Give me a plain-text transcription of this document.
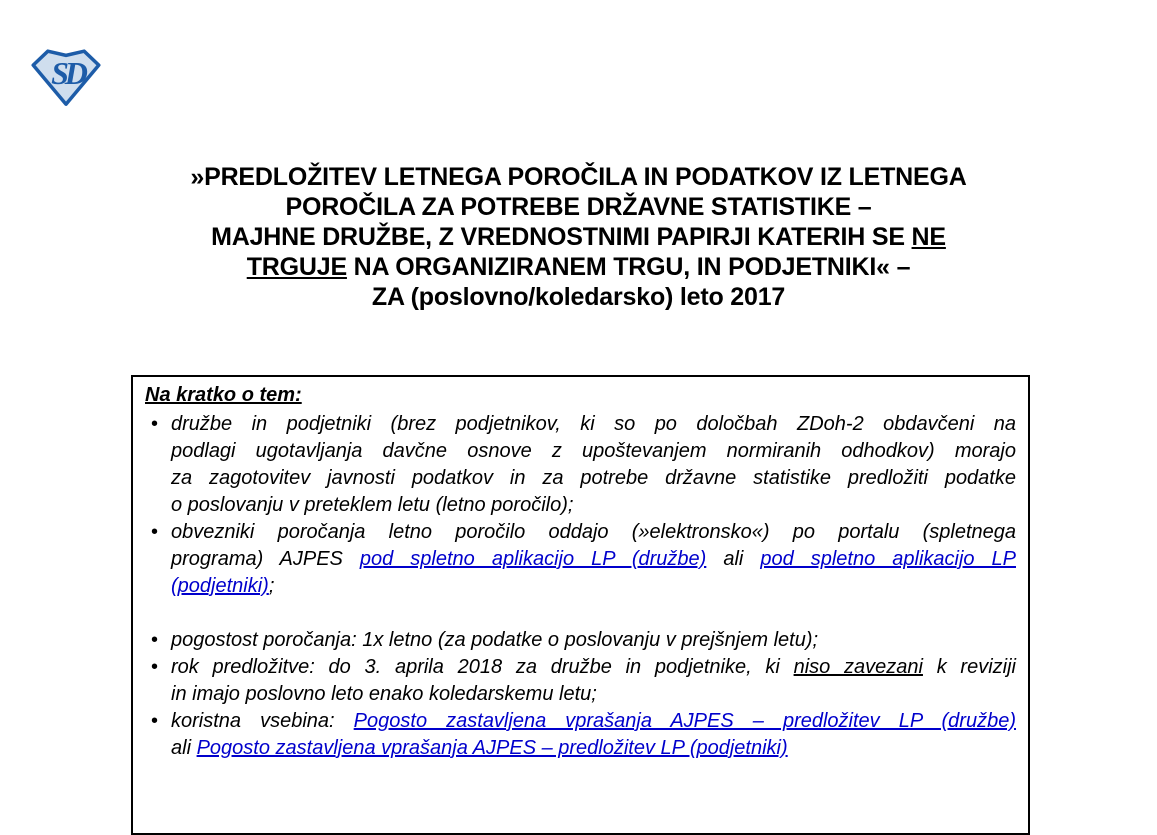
SD
»PREDLOŽITEV LETNEGA POROČILA IN PODATKOV IZ LETNEGA
POROČILA ZA POTREBE DRŽAVNE STATISTIKE –
MAJHNE DRUŽBE, Z VREDNOSTNIMI PAPIRJI KATERIH SE NE
TRGUJE NA ORGANIZIRANEM TRGU, IN PODJETNIKI« –
ZA (poslovno/koledarsko) leto 2017
Na kratko o tem:
• družbe in podjetniki (brez podjetnikov, ki so po določbah ZDoh-2 obdavčeni na
podlagi ugotavljanja davčne osnove z upoštevanjem normiranih odhodkov) morajo
za zagotovitev javnosti podatkov in za potrebe državne statistike predložiti podatke
o poslovanju v preteklem letu (letno poročilo);
• obvezniki poročanja letno poročilo oddajo (»elektronsko«) po portalu (spletnega
programa) AJPES pod spletno aplikacijo LP (družbe) ali pod spletno aplikacijo LP
(podjetniki);
• pogostost poročanja: 1x letno (za podatke o poslovanju v prejšnjem letu);
• rok predložitve: do 3. aprila 2018 za družbe in podjetnike, ki niso zavezani k reviziji
in imajo poslovno leto enako koledarskemu letu;
• koristna vsebina: Pogosto zastavljena vprašanja AJPES – predložitev LP (družbe)
ali Pogosto zastavljena vprašanja AJPES – predložitev LP (podjetniki)
